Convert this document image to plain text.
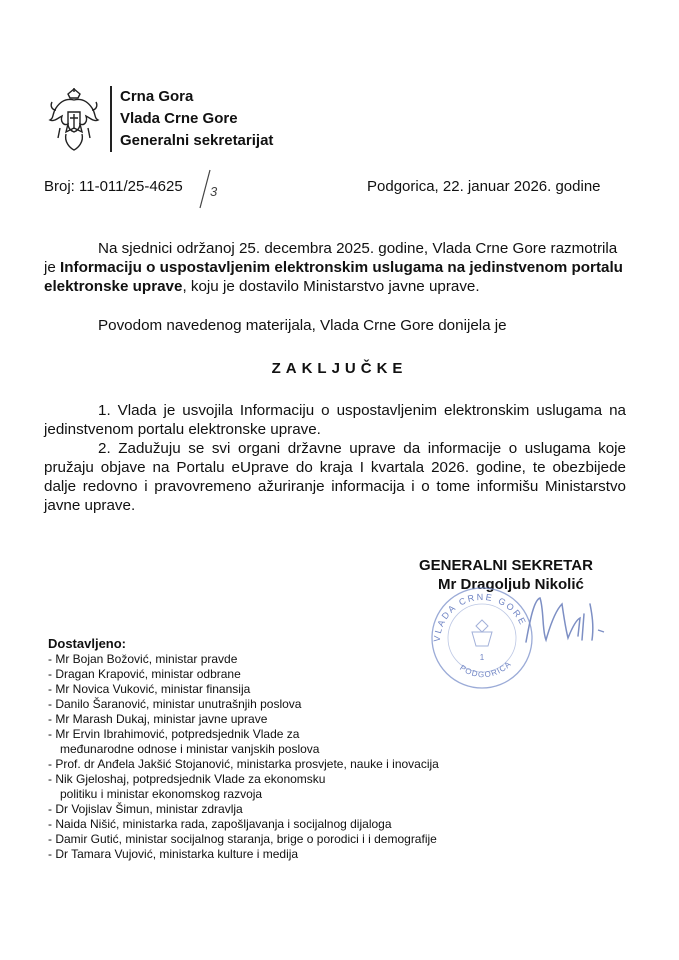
Crna Gora
Vlada Crne Gore
Generalni sekretarijat
Broj: 11-011/25-4625 3	Podgorica, 22. januar 2026. godine
Na sjednici održanoj 25. decembra 2025. godine, Vlada Crne Gore razmotrila je Informaciju o uspostavljenim elektronskim uslugama na jedinstvenom portalu elektronske uprave, koju je dostavilo Ministarstvo javne uprave.
Povodom navedenog materijala, Vlada Crne Gore donijela je
ZAKLJUČKE
1. Vlada je usvojila Informaciju o uspostavljenim elektronskim uslugama na jedinstvenom portalu elektronske uprave.
2. Zadužuju se svi organi državne uprave da informacije o uslugama koje pružaju objave na Portalu eUprave do kraja I kvartala 2026. godine, te obezbijede dalje redovno i pravovremeno ažuriranje informacija i o tome informišu Ministarstvo javne uprave.
GENERALNI SEKRETAR
Mr Dragoljub Nikolić
VLADA CRNE GORE
1
PODGORICA
Dostavljeno:
- Mr Bojan Božović, ministar pravde
- Dragan Krapović, ministar odbrane
- Mr Novica Vuković, ministar finansija
- Danilo Šaranović, ministar unutrašnjih poslova
- Mr Marash Dukaj, ministar javne uprave
- Mr Ervin Ibrahimović, potpredsjednik Vlade za
međunarodne odnose i ministar vanjskih poslova
- Prof. dr Anđela Jakšić Stojanović, ministarka prosvjete, nauke i inovacija
- Nik Gjeloshaj, potpredsjednik Vlade za ekonomsku
politiku i ministar ekonomskog razvoja
- Dr Vojislav Šimun, ministar zdravlja
- Naida Nišić, ministarka rada, zapošljavanja i socijalnog dijaloga
- Damir Gutić, ministar socijalnog staranja, brige o porodici i i demografije
- Dr Tamara Vujović, ministarka kulture i medija
